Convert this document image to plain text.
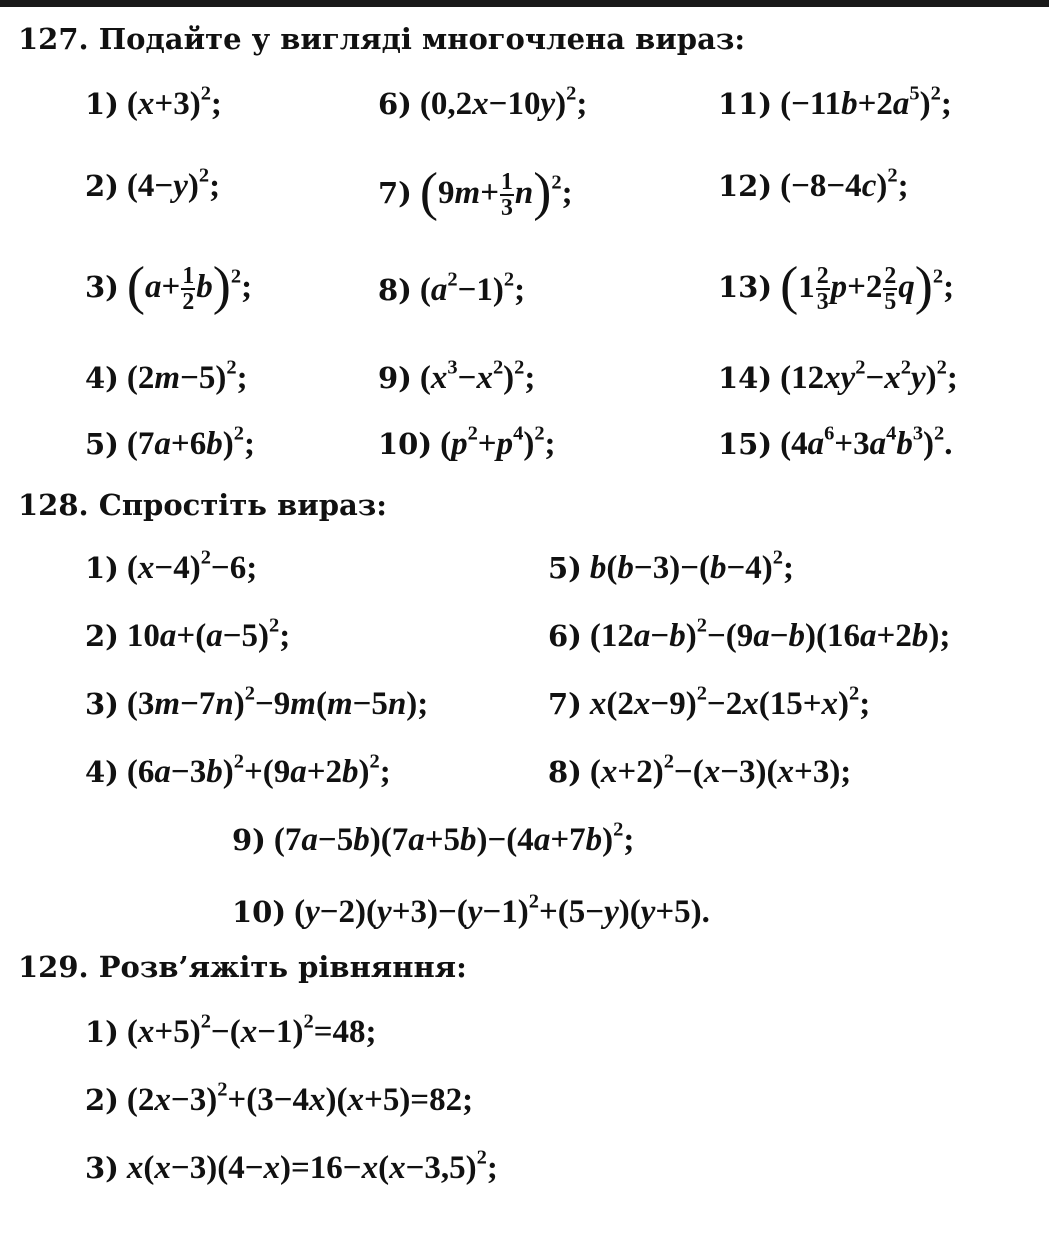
127. Подайте у вигляді многочлена вираз:
1) $(x+3)^2$;
2) $(4-y)^2$;
3) $(a+ \frac{1}{2} b)^2$;
4) $(2m-5)^2$;
5) $(7a+6b)^2$;
6) $(0,2x-10y)^2$;
7) $(9m+ \frac{1}{3} n)^2$;
8) $(a^2-1)^2$;
9) $(x^3-x^2)^2$;
10) $(p^2+p^4)^2$;
11) $(-11b+2a^5)^2$;
12) $(-8-4c)^2$;
13) $(1 \frac{2}{3} p+2 \frac{2}{5} q)^2$;
14) $(12xy^2-x^2y)^2$;
15) $(4a^6+3a^4b^3)^2$.
128. Спростіть вираз:
1) $(x-4)^2-6$;
2) $10a+(a-5)^2$;
3) $(3m-7n)^2-9m(m-5n)$;
4) $(6a-3b)^2+(9a+2b)^2$;
5) $b(b-3)-(b-4)^2$;
6) $(12a-b)^2-(9a-b)(16a+2b)$;
7) $x(2x-9)^2-2x(15+x)^2$;
8) $(x+2)^2-(x-3)(x+3)$;
9) $(7a-5b)(7a+5b)-(4a+7b)^2$;
10) $(y-2)(y+3)-(y-1)^2+(5-y)(y+5)$.
129. Розв’яжіть рівняння:
1) $(x+5)^2-(x-1)^2=48$;
2) $(2x-3)^2+(3-4x)(x+5)=82$;
3) $x(x-3)(4-x)=16-x(x-3,5)^2$;
